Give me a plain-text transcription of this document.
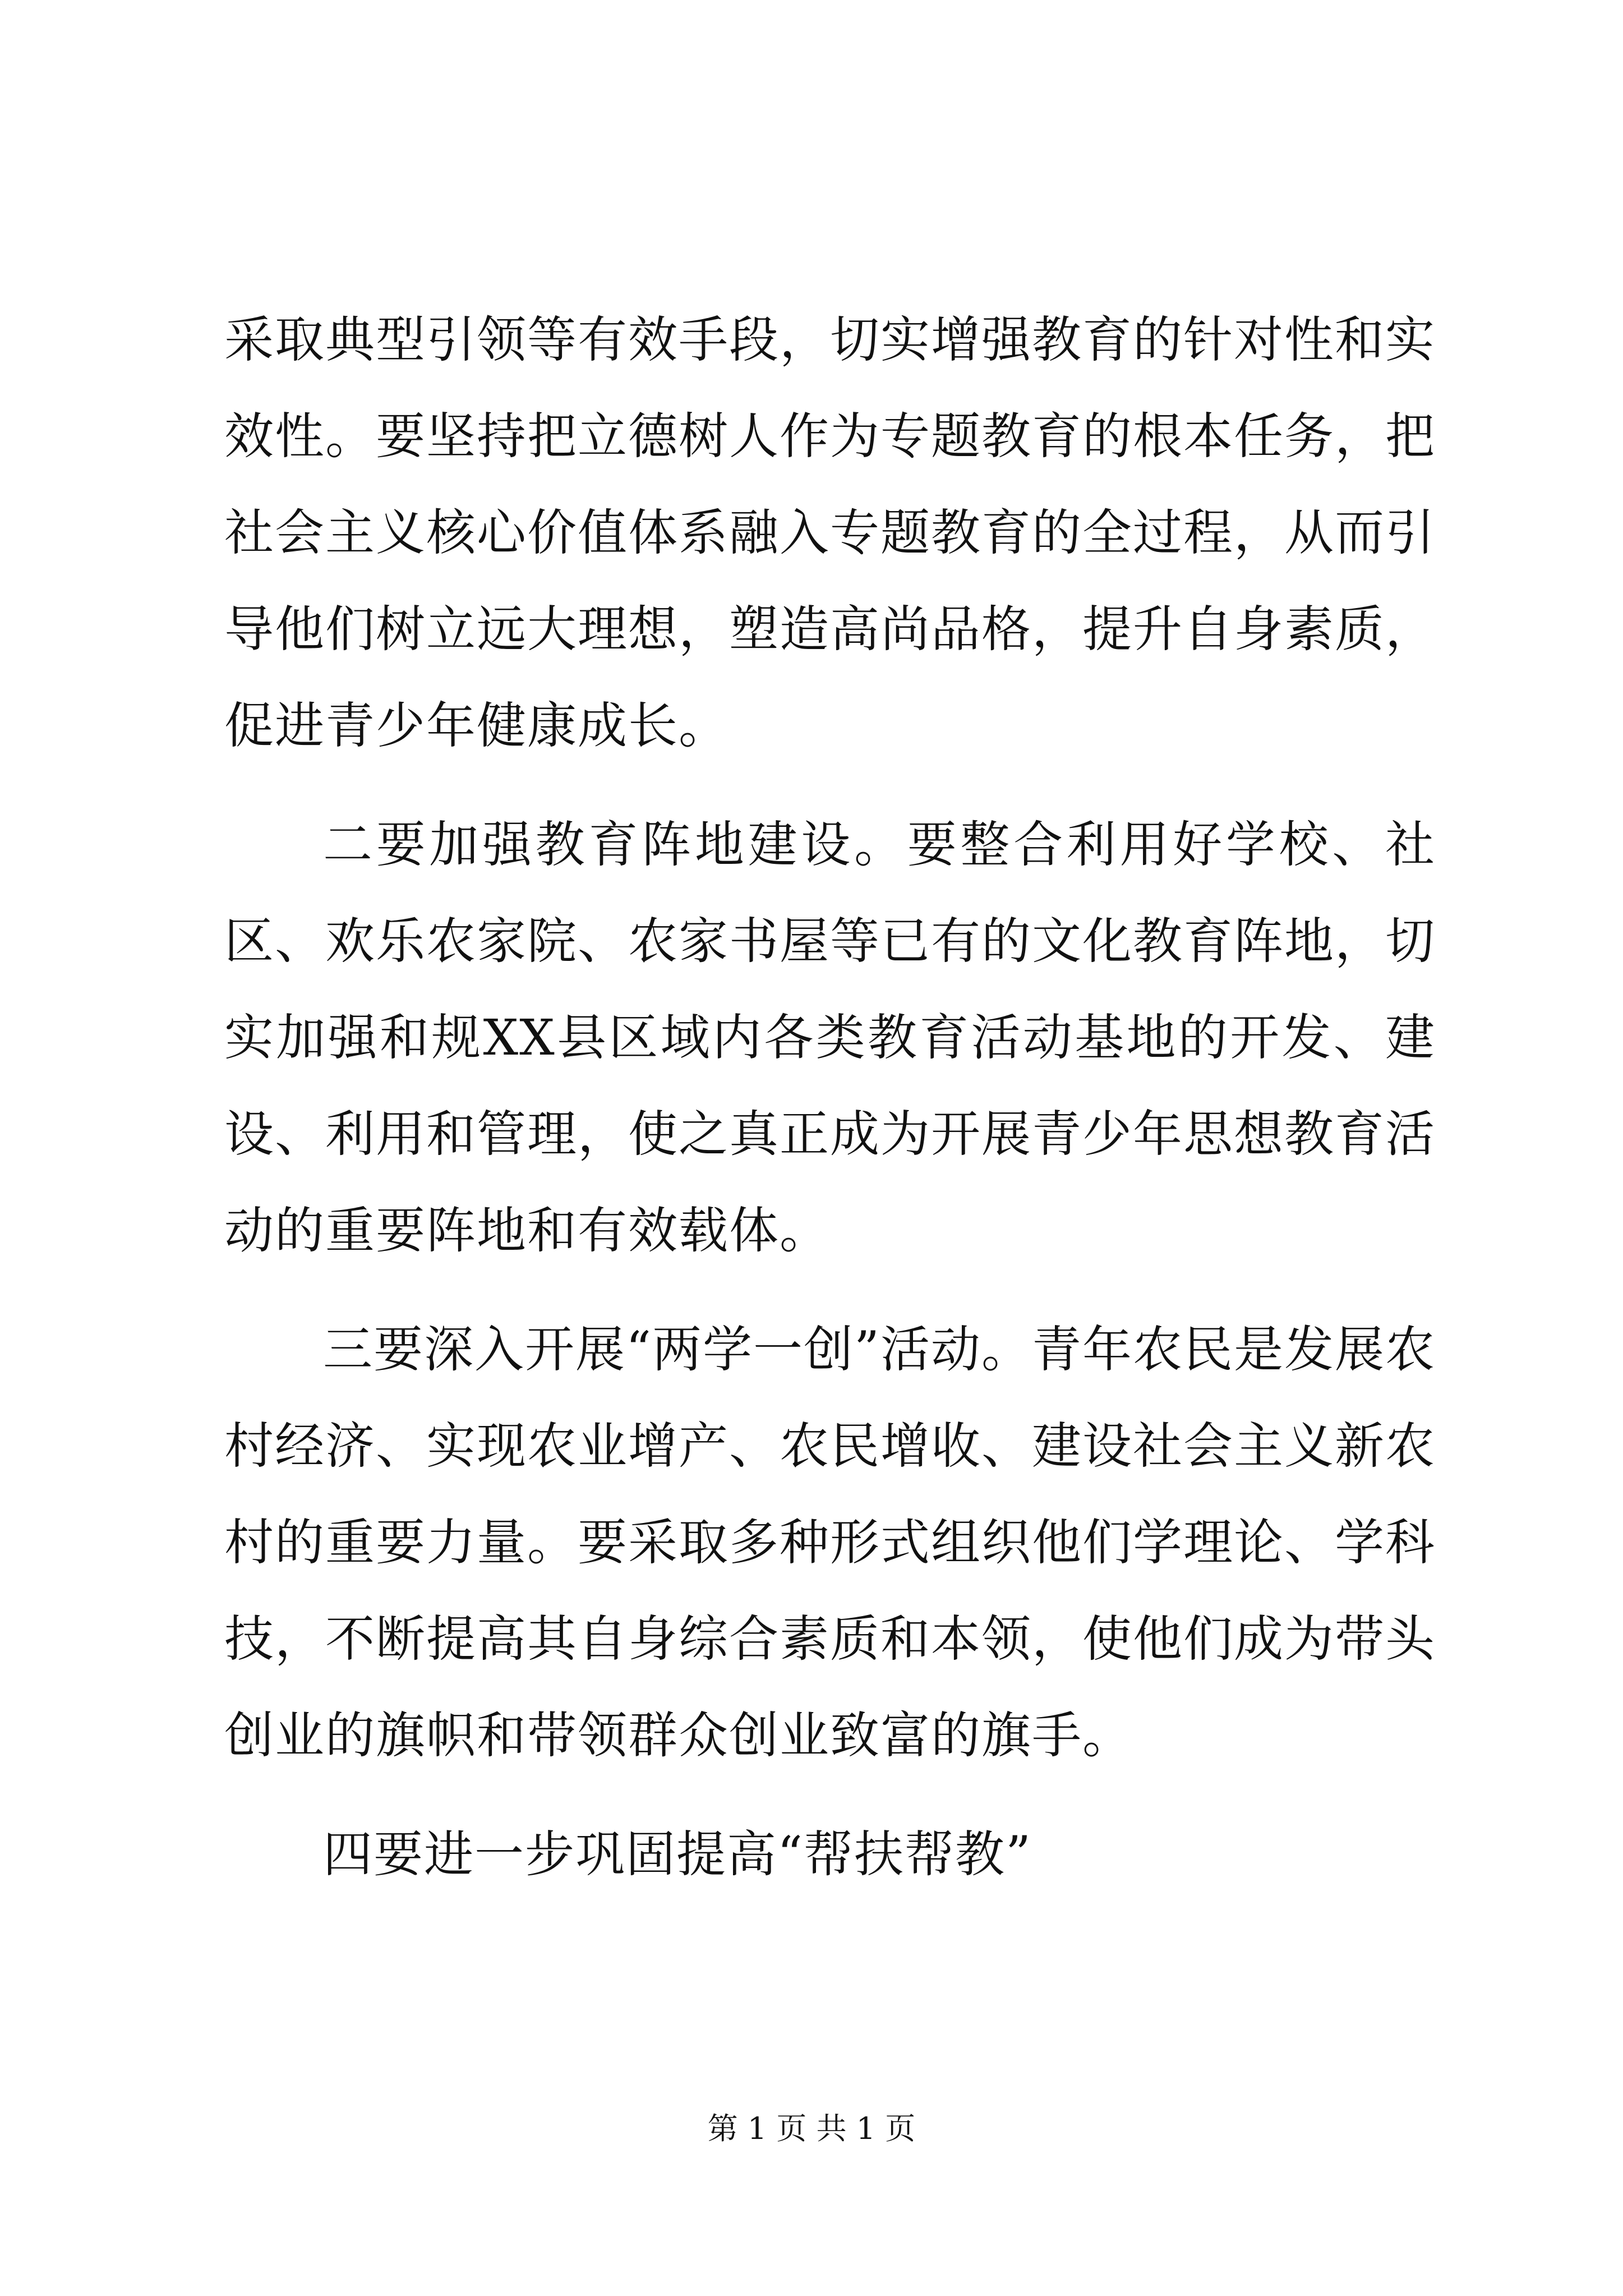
采取典型引领等有效手段，切实增强教育的针对性和实效性。要坚持把立德树人作为专题教育的根本任务，把社会主义核心价值体系融入专题教育的全过程，从而引导他们树立远大理想，塑造高尚品格，提升自身素质，促进青少年健康成长。

二要加强教育阵地建设。要整合利用好学校、社区、欢乐农家院、农家书屋等已有的文化教育阵地，切实加强和规XX县区域内各类教育活动基地的开发、建设、利用和管理，使之真正成为开展青少年思想教育活动的重要阵地和有效载体。

三要深入开展“两学一创”活动。青年农民是发展农村经济、实现农业增产、农民增收、建设社会主义新农村的重要力量。要采取多种形式组织他们学理论、学科技，不断提高其自身综合素质和本领，使他们成为带头创业的旗帜和带领群众创业致富的旗手。

四要进一步巩固提高“帮扶帮教”

第 1 页 共 1 页
